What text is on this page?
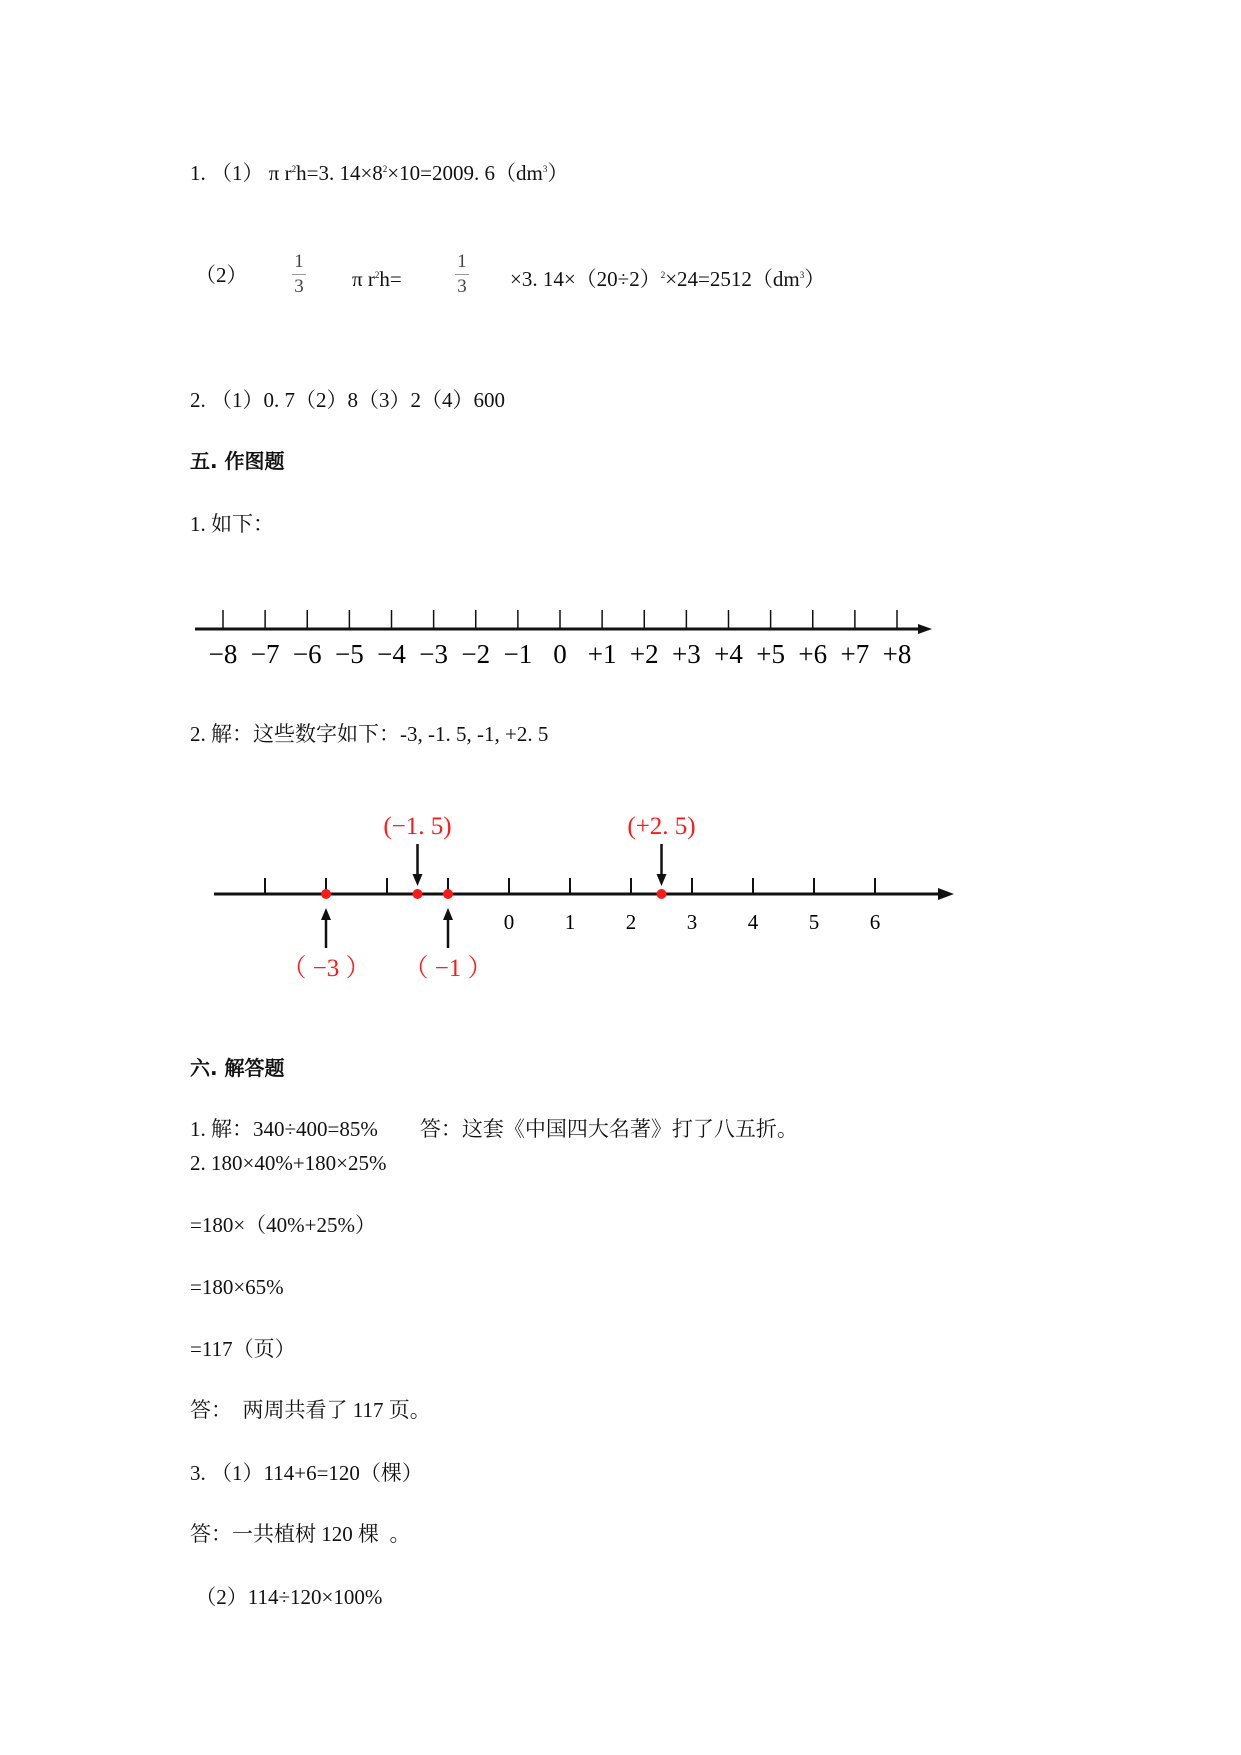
1. （1） π $r^2h=3$. $14\times 8^2\times 10=2009$. $6(dm^3)$
（2）
1
3 π $r^2h=$
1
3 ×3. $14\times(20\div 2)^2\times 24=2512(dm^3)$
2. （1）0. 7（2）8（3）2（4）600
五. 作图题
1. 如下：
−8 −7 −6 −5 −4 −3 −2 −1 0 +1 +2 +3 +4 +5 +6 +7 +8
2. 解：这些数字如下：-3, -1. 5, -1, +2. 5
0 1 2 3 4 5 6
（ −3 ）
(−1. 5)
（ −1 ）
(+2. 5)
六. 解答题
1. 解：340÷400=85%        答：这套《中国四大名著》打了八五折。
2. 180×40%+180×25%
=180×（40%+25%）
=180×65%
=117（页）
答：  两周共看了 117 页。
3. （1）114+6=120（棵）
答：一共植树 120 棵  。
（2）114÷120×100%
